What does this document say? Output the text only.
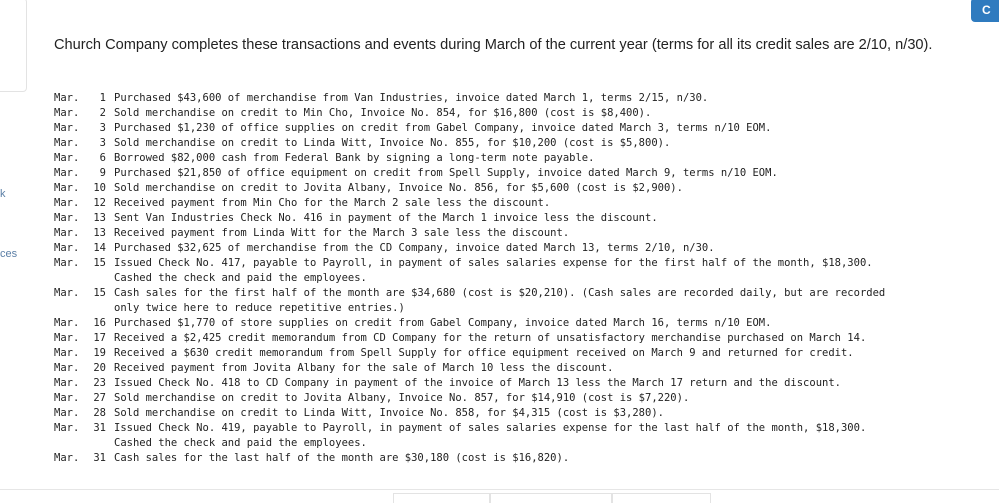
k
ces
C

Church Company completes these transactions and events during March of the current year (terms for all its credit sales are 2/10, n/30).

Mar.	1 Purchased $43,600 of merchandise from Van Industries, invoice dated March 1, terms 2/15, n/30.
Mar.	2 Sold merchandise on credit to Min Cho, Invoice No. 854, for $16,800 (cost is $8,400).
Mar.	3 Purchased $1,230 of office supplies on credit from Gabel Company, invoice dated March 3, terms n/10 EOM.
Mar.	3 Sold merchandise on credit to Linda Witt, Invoice No. 855, for $10,200 (cost is $5,800).
Mar.	6 Borrowed $82,000 cash from Federal Bank by signing a long-term note payable.
Mar.	9 Purchased $21,850 of office equipment on credit from Spell Supply, invoice dated March 9, terms n/10 EOM.
Mar.	10 Sold merchandise on credit to Jovita Albany, Invoice No. 856, for $5,600 (cost is $2,900).
Mar.	12 Received payment from Min Cho for the March 2 sale less the discount.
Mar.	13 Sent Van Industries Check No. 416 in payment of the March 1 invoice less the discount.
Mar.	13 Received payment from Linda Witt for the March 3 sale less the discount.
Mar.	14 Purchased $32,625 of merchandise from the CD Company, invoice dated March 13, terms 2/10, n/30.
Mar.	15 Issued Check No. 417, payable to Payroll, in payment of sales salaries expense for the first half of the month, $18,300.
Cashed the check and paid the employees.
Mar.	15 Cash sales for the first half of the month are $34,680 (cost is $20,210). (Cash sales are recorded daily, but are recorded
only twice here to reduce repetitive entries.)
Mar.	16 Purchased $1,770 of store supplies on credit from Gabel Company, invoice dated March 16, terms n/10 EOM.
Mar.	17 Received a $2,425 credit memorandum from CD Company for the return of unsatisfactory merchandise purchased on March 14.
Mar.	19 Received a $630 credit memorandum from Spell Supply for office equipment received on March 9 and returned for credit.
Mar.	20 Received payment from Jovita Albany for the sale of March 10 less the discount.
Mar.	23 Issued Check No. 418 to CD Company in payment of the invoice of March 13 less the March 17 return and the discount.
Mar.	27 Sold merchandise on credit to Jovita Albany, Invoice No. 857, for $14,910 (cost is $7,220).
Mar.	28 Sold merchandise on credit to Linda Witt, Invoice No. 858, for $4,315 (cost is $3,280).
Mar.	31 Issued Check No. 419, payable to Payroll, in payment of sales salaries expense for the last half of the month, $18,300.
Cashed the check and paid the employees.
Mar.	31 Cash sales for the last half of the month are $30,180 (cost is $16,820).
